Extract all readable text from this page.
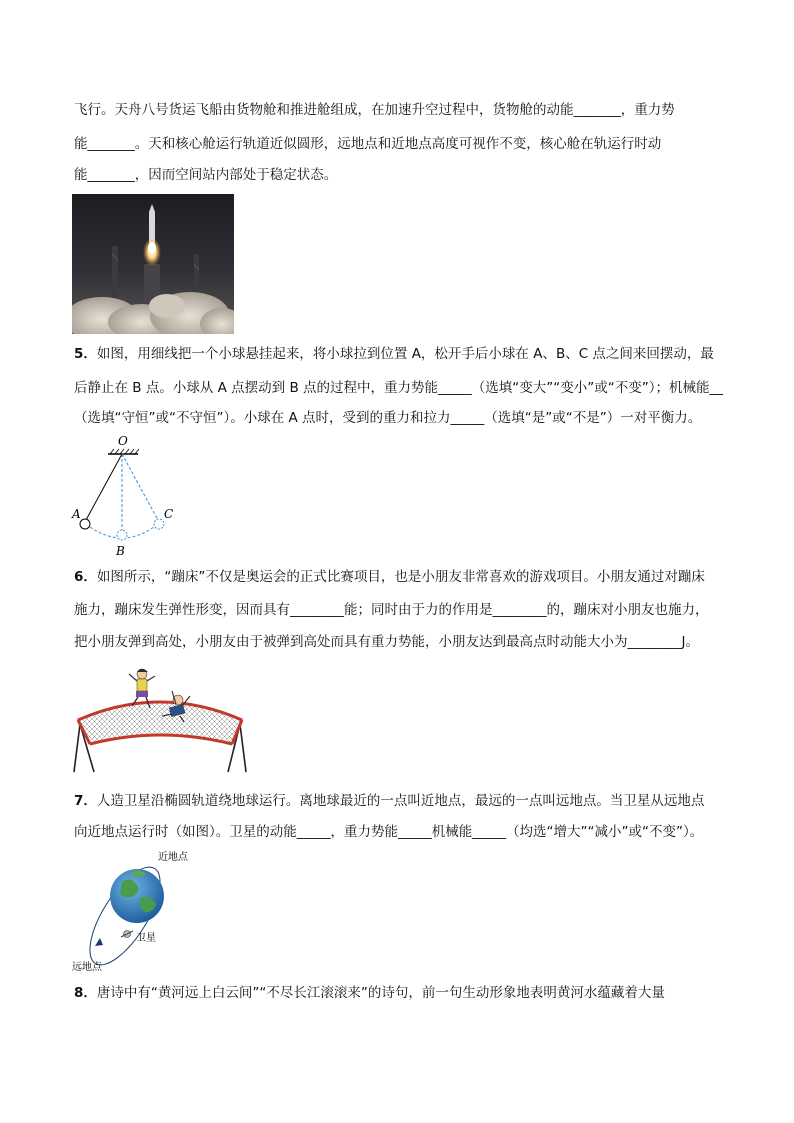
飞行。天舟八号货运飞船由货物舱和推进舱组成，在加速升空过程中，货物舱的动能_______，重力势
能_______。天和核心舱运行轨道近似圆形，远地点和近地点高度可视作不变，核心舱在轨运行时动
能_______，因而空间站内部处于稳定状态。
5．如图，用细线把一个小球悬挂起来，将小球拉到位置 A，松开手后小球在 A、B、C 点之间来回摆动，最
后静止在 B 点。小球从 A 点摆动到 B 点的过程中，重力势能_____（选填“变大”“变小”或“不变”）；机械能__
（选填“守恒”或“不守恒”）。小球在 A 点时，受到的重力和拉力_____（选填“是”或“不是”）一对平衡力。
O
A
B
C
6．如图所示，“蹦床”不仅是奥运会的正式比赛项目，也是小朋友非常喜欢的游戏项目。小朋友通过对蹦床
施力，蹦床发生弹性形变，因而具有________能；同时由于力的作用是________的，蹦床对小朋友也施力，
把小朋友弹到高处，小朋友由于被弹到高处而具有重力势能，小朋友达到最高点时动能大小为________J。
7．人造卫星沿椭圆轨道绕地球运行。离地球最近的一点叫近地点，最远的一点叫远地点。当卫星从远地点
向近地点运行时（如图）。卫星的动能_____，重力势能_____机械能_____（均选“增大”“减小”或“不变”）。
近地点
卫星
远地点
8．唐诗中有“黄河远上白云间”“不尽长江滚滚来”的诗句，前一句生动形象地表明黄河水蕴藏着大量
